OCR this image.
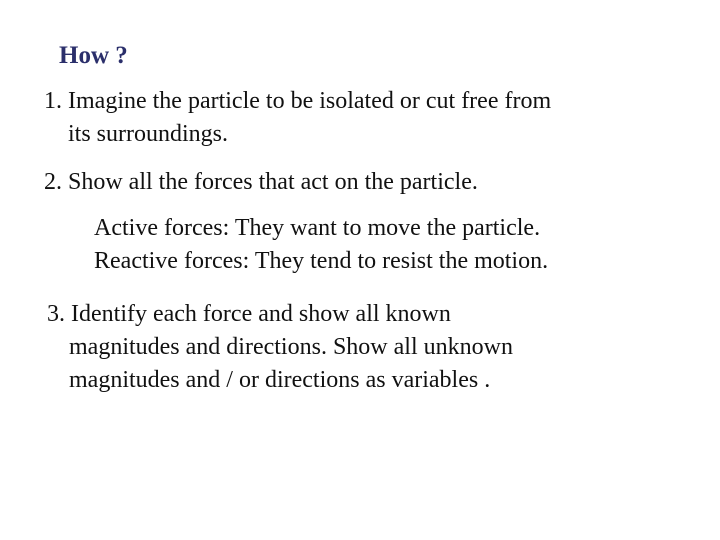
How ?
1. Imagine the particle to be isolated or cut free from
its surroundings.
2. Show all the forces that act on the particle.
Active forces: They want to move the particle.
Reactive forces: They tend to resist the motion.
3. Identify each force and show all known
magnitudes and directions. Show all unknown
magnitudes and / or directions as variables .
